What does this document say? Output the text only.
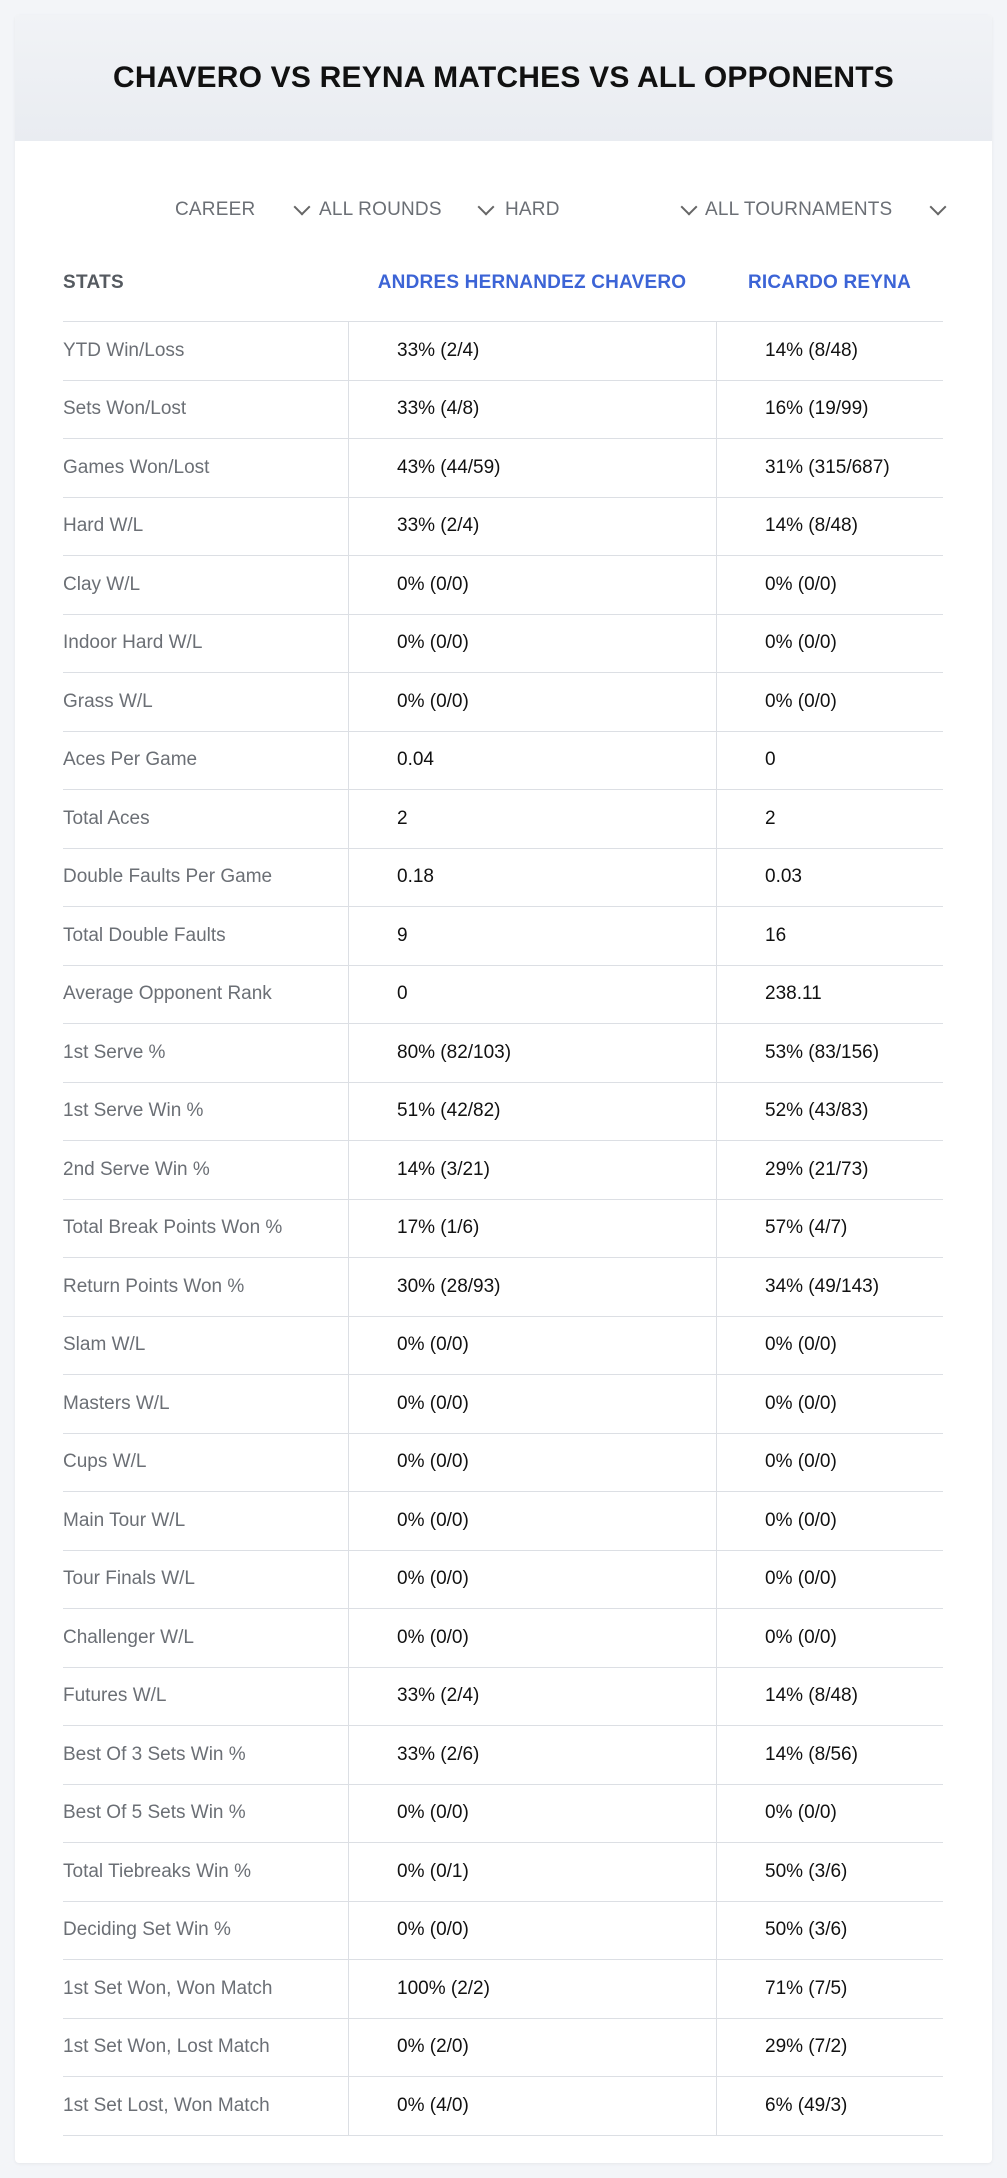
CHAVERO VS REYNA MATCHES VS ALL OPPONENTS
CAREER	ALL ROUNDS	HARD	ALL TOURNAMENTS
STATS	ANDRES HERNANDEZ CHAVERO	RICARDO REYNA
YTD Win/Loss	33% (2/4)	14% (8/48)
Sets Won/Lost	33% (4/8)	16% (19/99)
Games Won/Lost	43% (44/59)	31% (315/687)
Hard W/L	33% (2/4)	14% (8/48)
Clay W/L	0% (0/0)	0% (0/0)
Indoor Hard W/L	0% (0/0)	0% (0/0)
Grass W/L	0% (0/0)	0% (0/0)
Aces Per Game	0.04	0
Total Aces	2	2
Double Faults Per Game	0.18	0.03
Total Double Faults	9	16
Average Opponent Rank	0	238.11
1st Serve %	80% (82/103)	53% (83/156)
1st Serve Win %	51% (42/82)	52% (43/83)
2nd Serve Win %	14% (3/21)	29% (21/73)
Total Break Points Won %	17% (1/6)	57% (4/7)
Return Points Won %	30% (28/93)	34% (49/143)
Slam W/L	0% (0/0)	0% (0/0)
Masters W/L	0% (0/0)	0% (0/0)
Cups W/L	0% (0/0)	0% (0/0)
Main Tour W/L	0% (0/0)	0% (0/0)
Tour Finals W/L	0% (0/0)	0% (0/0)
Challenger W/L	0% (0/0)	0% (0/0)
Futures W/L	33% (2/4)	14% (8/48)
Best Of 3 Sets Win %	33% (2/6)	14% (8/56)
Best Of 5 Sets Win %	0% (0/0)	0% (0/0)
Total Tiebreaks Win %	0% (0/1)	50% (3/6)
Deciding Set Win %	0% (0/0)	50% (3/6)
1st Set Won, Won Match	100% (2/2)	71% (7/5)
1st Set Won, Lost Match	0% (2/0)	29% (7/2)
1st Set Lost, Won Match	0% (4/0)	6% (49/3)
